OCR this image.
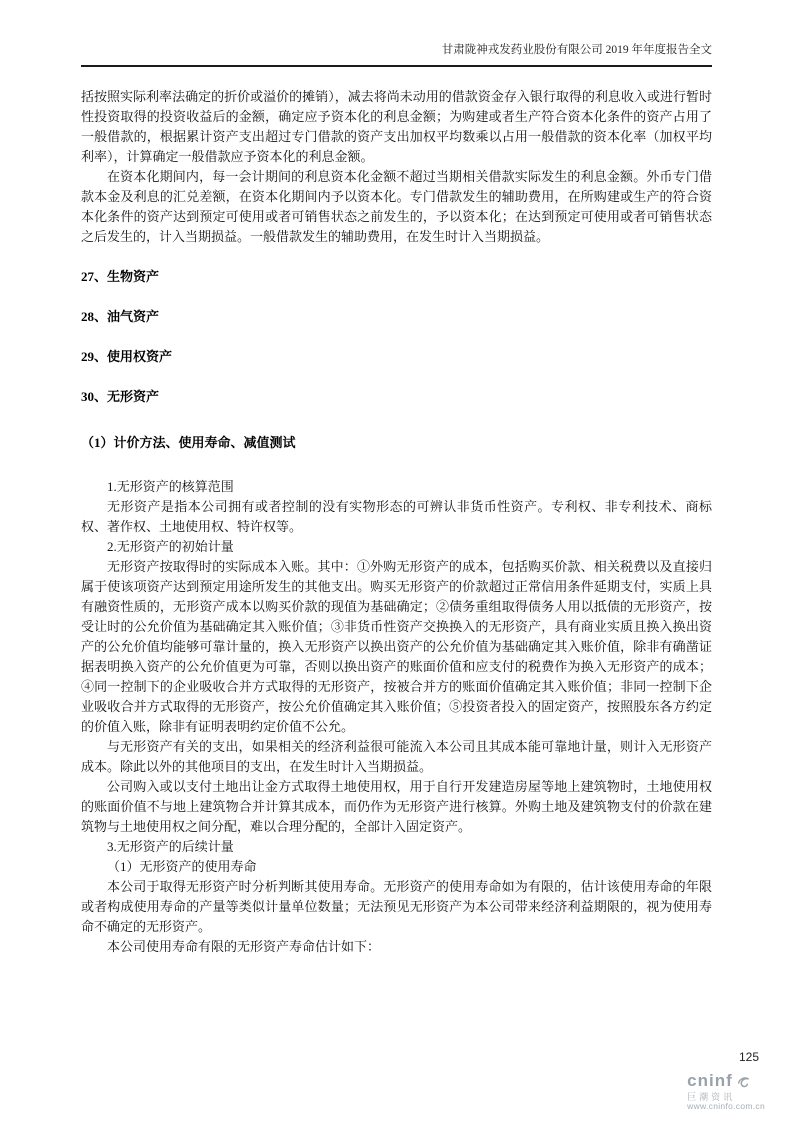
甘肃陇神戎发药业股份有限公司 2019 年年度报告全文

括按照实际利率法确定的折价或溢价的摊销），减去将尚未动用的借款资金存入银行取得的利息收入或进行暂时性投资取得的投资收益后的金额，确定应予资本化的利息金额；为购建或者生产符合资本化条件的资产占用了一般借款的，根据累计资产支出超过专门借款的资产支出加权平均数乘以占用一般借款的资本化率（加权平均利率），计算确定一般借款应予资本化的利息金额。

在资本化期间内，每一会计期间的利息资本化金额不超过当期相关借款实际发生的利息金额。外币专门借款本金及利息的汇兑差额，在资本化期间内予以资本化。专门借款发生的辅助费用，在所购建或生产的符合资本化条件的资产达到预定可使用或者可销售状态之前发生的，予以资本化；在达到预定可使用或者可销售状态之后发生的，计入当期损益。一般借款发生的辅助费用，在发生时计入当期损益。

27、生物资产
28、油气资产
29、使用权资产
30、无形资产
（1）计价方法、使用寿命、减值测试

1.无形资产的核算范围

无形资产是指本公司拥有或者控制的没有实物形态的可辨认非货币性资产。专利权、非专利技术、商标权、著作权、土地使用权、特许权等。

2.无形资产的初始计量

无形资产按取得时的实际成本入账。其中：①外购无形资产的成本，包括购买价款、相关税费以及直接归属于使该项资产达到预定用途所发生的其他支出。购买无形资产的价款超过正常信用条件延期支付，实质上具有融资性质的，无形资产成本以购买价款的现值为基础确定；②债务重组取得债务人用以抵债的无形资产，按受让时的公允价值为基础确定其入账价值；③非货币性资产交换换入的无形资产，具有商业实质且换入换出资产的公允价值均能够可靠计量的，换入无形资产以换出资产的公允价值为基础确定其入账价值，除非有确凿证据表明换入资产的公允价值更为可靠，否则以换出资产的账面价值和应支付的税费作为换入无形资产的成本；④同一控制下的企业吸收合并方式取得的无形资产，按被合并方的账面价值确定其入账价值；非同一控制下企业吸收合并方式取得的无形资产，按公允价值确定其入账价值；⑤投资者投入的固定资产，按照股东各方约定的价值入账，除非有证明表明约定价值不公允。

与无形资产有关的支出，如果相关的经济利益很可能流入本公司且其成本能可靠地计量，则计入无形资产成本。除此以外的其他项目的支出，在发生时计入当期损益。

公司购入或以支付土地出让金方式取得土地使用权，用于自行开发建造房屋等地上建筑物时，土地使用权的账面价值不与地上建筑物合并计算其成本，而仍作为无形资产进行核算。外购土地及建筑物支付的价款在建筑物与土地使用权之间分配，难以合理分配的，全部计入固定资产。

3.无形资产的后续计量

（1）无形资产的使用寿命

本公司于取得无形资产时分析判断其使用寿命。无形资产的使用寿命如为有限的，估计该使用寿命的年限或者构成使用寿命的产量等类似计量单位数量；无法预见无形资产为本公司带来经济利益期限的，视为使用寿命不确定的无形资产。

本公司使用寿命有限的无形资产寿命估计如下：

125
cninf
巨潮资讯
www.cninfo.com.cn
